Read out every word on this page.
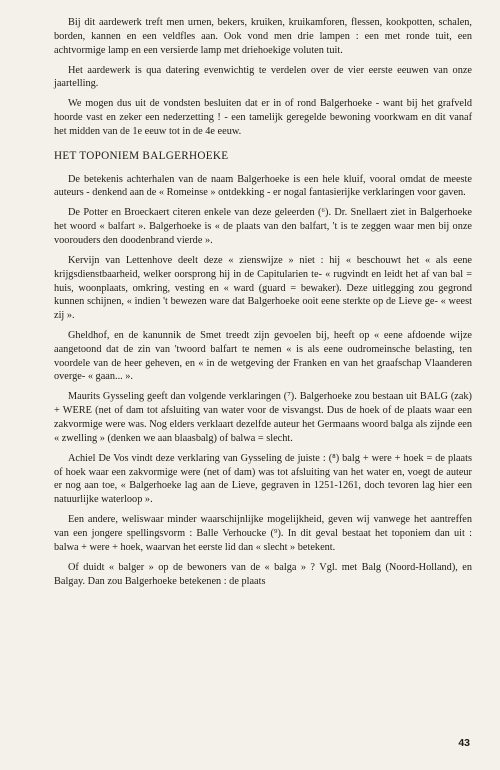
Bij dit aardewerk treft men urnen, bekers, kruiken, kruikamforen, flessen, kookpotten, schalen, borden, kannen en een veldfles aan. Ook vond men drie lampen : een met ronde tuit, een achtvormige lamp en een versierde lamp met driehoekige voluten tuit.

Het aardewerk is qua datering evenwichtig te verdelen over de vier eerste eeuwen van onze jaartelling.

We mogen dus uit de vondsten besluiten dat er in of rond Balgerhoeke - want bij het grafveld hoorde vast en zeker een nederzetting ! - een tamelijk geregelde bewoning voorkwam en dit vanaf het midden van de 1e eeuw tot in de 4e eeuw.

HET TOPONIEM BALGERHOEKE

De betekenis achterhalen van de naam Balgerhoeke is een hele kluif, vooral omdat de meeste auteurs - denkend aan de « Romeinse » ontdekking - er nogal fantasierijke verklaringen voor gaven.

De Potter en Broeckaert citeren enkele van deze geleerden (⁶). Dr. Snellaert ziet in Balgerhoeke het woord « balfart ». Balgerhoeke is « de plaats van den balfart, 't is te zeggen waar men bij onze voorouders den doodenbrand vierde ».

Kervijn van Lettenhove deelt deze « zienswijze » niet : hij « beschouwt het « als eene krijgsdienstbaarheid, welker oorsprong hij in de Capitularien te- « rugvindt en leidt het af van bal = huis, woonplaats, omkring, vesting en « ward (guard = bewaker). Deze uitlegging zou gegrond kunnen schijnen, « indien 't bewezen ware dat Balgerhoeke ooit eene sterkte op de Lieve ge- « weest zij ».

Gheldhof, en de kanunnik de Smet treedt zijn gevoelen bij, heeft op « eene afdoende wijze aangetoond dat de zin van 'twoord balfart te nemen « is als eene oudromeinsche belasting, ten voordele van de heer geheven, en « in de wetgeving der Franken en van het graafschap Vlaanderen overge- « gaan... ».

Maurits Gysseling geeft dan volgende verklaringen (⁷). Balgerhoeke zou bestaan uit BALG (zak) + WERE (net of dam tot afsluiting van water voor de visvangst. Dus de hoek of de plaats waar een zakvormige were was. Nog elders verklaart dezelfde auteur het Germaans woord balga als zijnde een « zwelling » (denken we aan blaasbalg) of balwa = slecht.

Achiel De Vos vindt deze verklaring van Gysseling de juiste : (⁸) balg + were + hoek = de plaats of hoek waar een zakvormige were (net of dam) was tot afsluiting van het water en, voegt de auteur er nog aan toe, « Balgerhoeke lag aan de Lieve, gegraven in 1251-1261, doch tevoren lag hier een natuurlijke waterloop ».

Een andere, weliswaar minder waarschijnlijke mogelijkheid, geven wij vanwege het aantreffen van een jongere spellingsvorm : Balle Verhoucke (⁹). In dit geval bestaat het toponiem dan uit : balwa + were + hoek, waarvan het eerste lid dan « slecht » betekent.

Of duidt « balger » op de bewoners van de « balga » ? Vgl. met Balg (Noord-Holland), en Balgay. Dan zou Balgerhoeke betekenen : de plaats

43
